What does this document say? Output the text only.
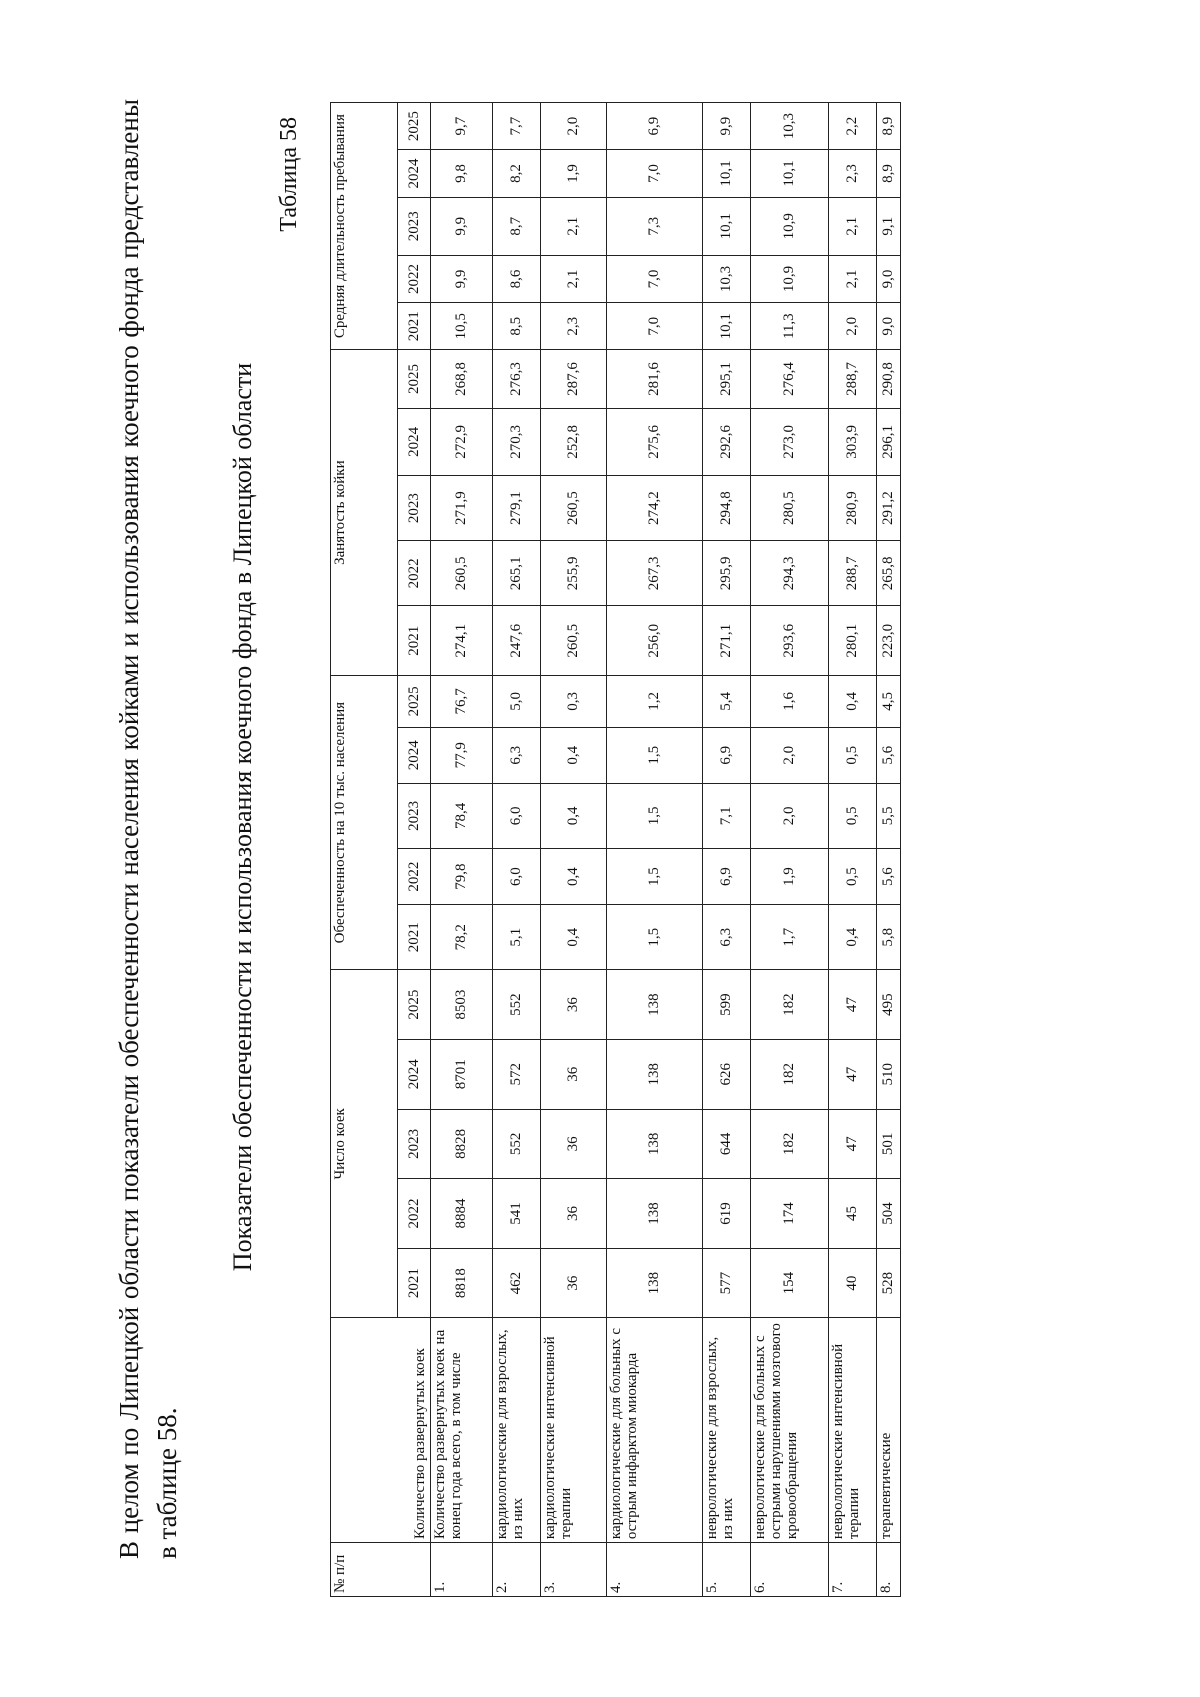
В целом по Липецкой области показатели обеспеченности населения койками и использования коечного фонда представлены в таблице 58.
Показатели обеспеченности и использования коечного фонда в Липецкой области
Таблица 58
№ п/п	Количество развернутых коек	Число коек					Обеспеченность на 10 тыс. населения					Занятость койки					Средняя длительность пребывания				
		2021	2022	2023	2024	2025	2021	2022	2023	2024	2025	2021	2022	2023	2024	2025	2021	2022	2023	2024	2025
1.	Количество развернутых коек на конец года всего, в том числе	8818	8884	8828	8701	8503	78,2	79,8	78,4	77,9	76,7	274,1	260,5	271,9	272,9	268,8	10,5	9,9	9,9	9,8	9,7
2.	кардиологические для взрослых, из них	462	541	552	572	552	5,1	6,0	6,0	6,3	5,0	247,6	265,1	279,1	270,3	276,3	8,5	8,6	8,7	8,2	7,7
3.	кардиологические интенсивной терапии	36	36	36	36	36	0,4	0,4	0,4	0,4	0,3	260,5	255,9	260,5	252,8	287,6	2,3	2,1	2,1	1,9	2,0
4.	кардиологические для больных с острым инфарктом миокарда	138	138	138	138	138	1,5	1,5	1,5	1,5	1,2	256,0	267,3	274,2	275,6	281,6	7,0	7,0	7,3	7,0	6,9
5.	неврологические для взрослых, из них	577	619	644	626	599	6,3	6,9	7,1	6,9	5,4	271,1	295,9	294,8	292,6	295,1	10,1	10,3	10,1	10,1	9,9
6.	неврологические для больных с острыми нарушениями мозгового кровообращения	154	174	182	182	182	1,7	1,9	2,0	2,0	1,6	293,6	294,3	280,5	273,0	276,4	11,3	10,9	10,9	10,1	10,3
7.	неврологические интенсивной терапии	40	45	47	47	47	0,4	0,5	0,5	0,5	0,4	280,1	288,7	280,9	303,9	288,7	2,0	2,1	2,1	2,3	2,2
8.	терапевтические	528	504	501	510	495	5,8	5,6	5,5	5,6	4,5	223,0	265,8	291,2	296,1	290,8	9,0	9,0	9,1	8,9	8,9
